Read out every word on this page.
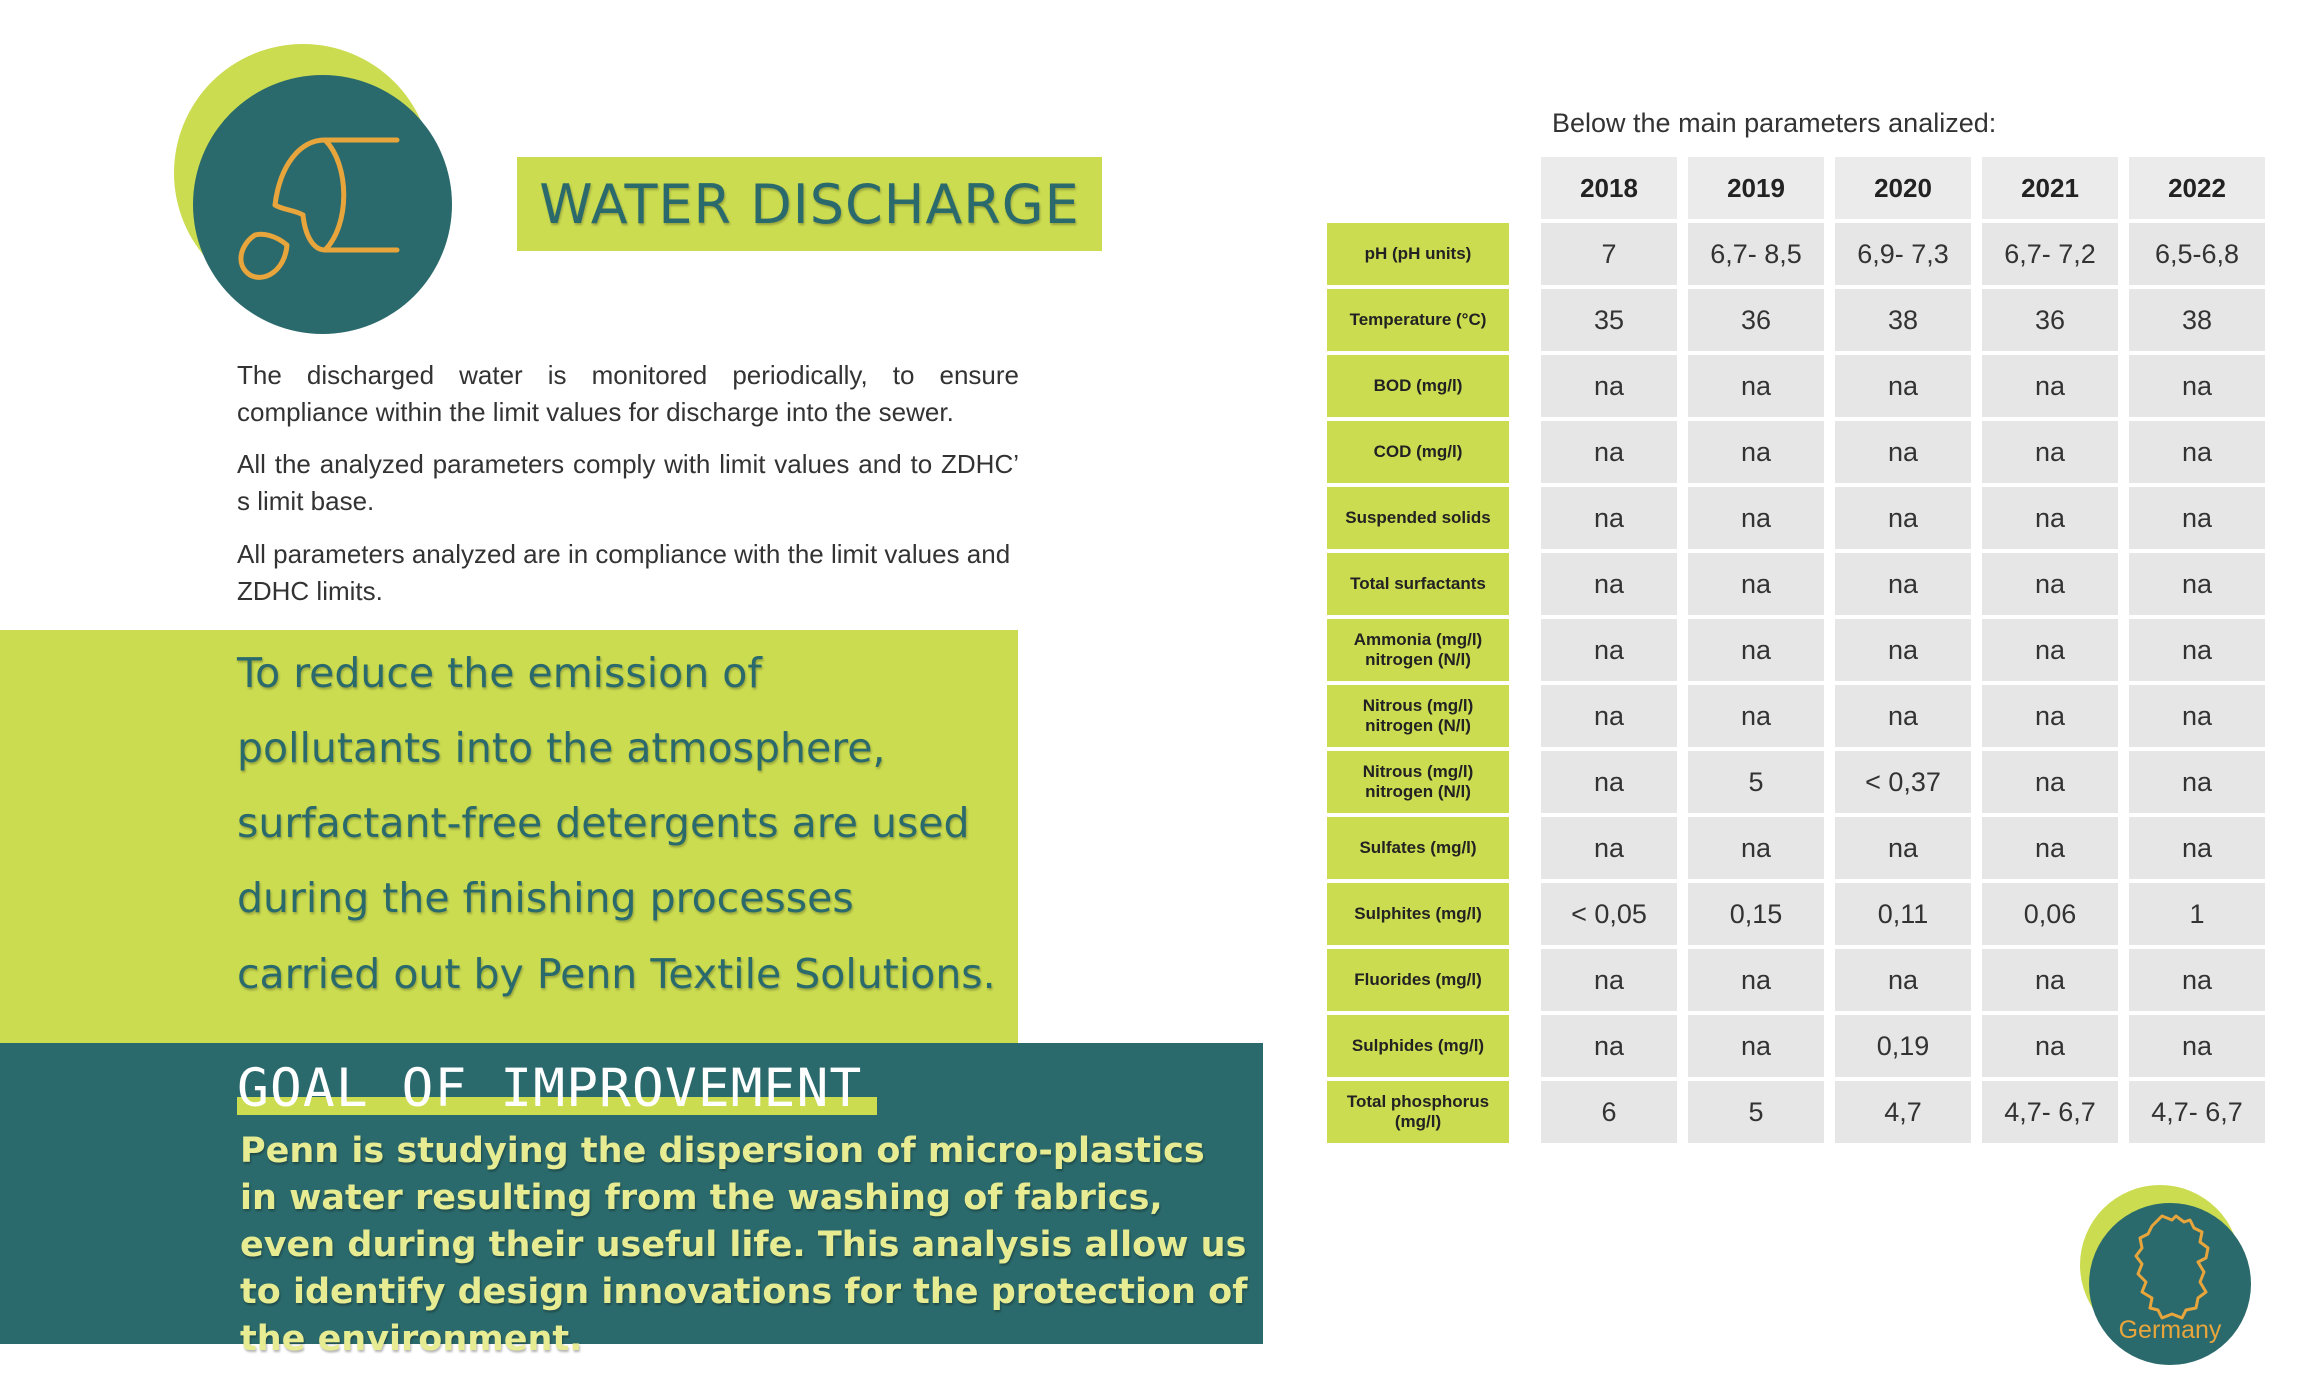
WATER DISCHARGE
The discharged water is monitored periodically, to ensure compliance within the limit values for discharge into the sewer.
All the analyzed parameters comply with limit values and to ZDHC’ s limit base.
All parameters analyzed are in compliance with the limit values and ZDHC limits.
To reduce the emission of
pollutants into the atmosphere,
surfactant-free detergents are used
during the finishing processes
carried out by Penn Textile Solutions.
GOAL OF IMPROVEMENT
Penn is studying the dispersion of micro-plastics in water resulting from the washing of fabrics, even during their useful life. This analysis allow us to identify design innovations for the protection of the environment.
Below the main parameters analized:
2018	2019	2020	2021	2022
pH (pH units)	7	6,7- 8,5	6,9- 7,3	6,7- 7,2	6,5-6,8
Temperature (°C)	35	36	38	36	38
BOD (mg/l)	na	na	na	na	na
COD (mg/l)	na	na	na	na	na
Suspended solids	na	na	na	na	na
Total surfactants	na	na	na	na	na
Ammonia (mg/l) nitrogen (N/l)	na	na	na	na	na
Nitrous (mg/l) nitrogen (N/l)	na	na	na	na	na
Nitrous (mg/l) nitrogen (N/l)	na	5	< 0,37	na	na
Sulfates (mg/l)	na	na	na	na	na
Sulphites (mg/l)	< 0,05	0,15	0,11	0,06	1
Fluorides (mg/l)	na	na	na	na	na
Sulphides (mg/l)	na	na	0,19	na	na
Total phosphorus (mg/l)	6	5	4,7	4,7- 6,7	4,7- 6,7
Germany
